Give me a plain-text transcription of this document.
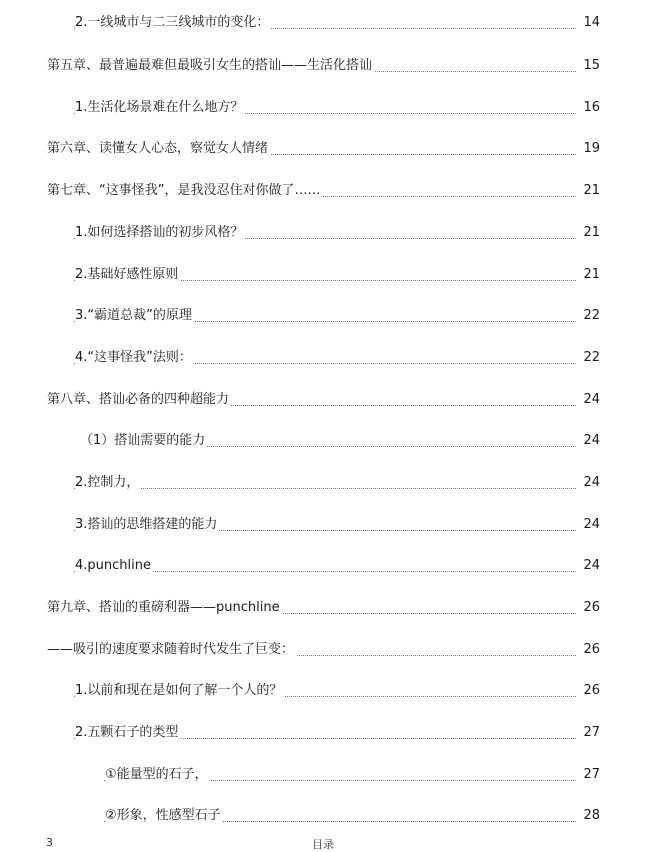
2.一线城市与二三线城市的变化：	14
第五章、最普遍最难但最吸引女生的搭讪——生活化搭讪	15
1.生活化场景难在什么地方？	16
第六章、读懂女人心态，察觉女人情绪	19
第七章、“这事怪我”，是我没忍住对你做了……	21
1.如何选择搭讪的初步风格？	21
2.基础好感性原则	21
3.“霸道总裁”的原理	22
4.“这事怪我”法则：	22
第八章、搭讪必备的四种超能力	24
（1）搭讪需要的能力	24
2.控制力，	24
3.搭讪的思维搭建的能力	24
4.punchline	24
第九章、搭讪的重磅利器——punchline	26
——吸引的速度要求随着时代发生了巨变：	26
1.以前和现在是如何了解一个人的？	26
2.五颗石子的类型	27
①能量型的石子，	27
②形象，性感型石子	28
3	目录
